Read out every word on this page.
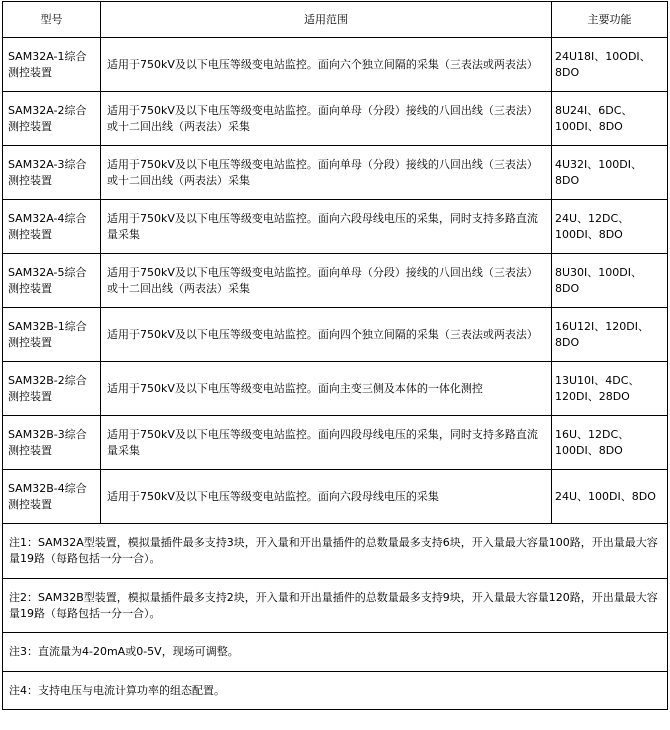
型号	适用范围	主要功能
SAM32A-1综合测控装置	适用于750kV及以下电压等级变电站监控。面向六个独立间隔的采集（三表法或两表法）	24U18I、10ODI、8DO
SAM32A-2综合测控装置	适用于750kV及以下电压等级变电站监控。面向单母（分段）接线的八回出线（三表法）或十二回出线（两表法）采集	8U24I、6DC、100DI、8DO
SAM32A-3综合测控装置	适用于750kV及以下电压等级变电站监控。面向单母（分段）接线的八回出线（三表法）或十二回出线（两表法）采集	4U32I、100DI、8DO
SAM32A-4综合测控装置	适用于750kV及以下电压等级变电站监控。面向六段母线电压的采集，同时支持多路直流量采集	24U、12DC、100DI、8DO
SAM32A-5综合测控装置	适用于750kV及以下电压等级变电站监控。面向单母（分段）接线的八回出线（三表法）或十二回出线（两表法）采集	8U30I、100DI、8DO
SAM32B-1综合测控装置	适用于750kV及以下电压等级变电站监控。面向四个独立间隔的采集（三表法或两表法）	16U12I、120DI、8DO
SAM32B-2综合测控装置	适用于750kV及以下电压等级变电站监控。面向主变三侧及本体的一体化测控	13U10I、4DC、120DI、28DO
SAM32B-3综合测控装置	适用于750kV及以下电压等级变电站监控。面向四段母线电压的采集，同时支持多路直流量采集	16U、12DC、100DI、8DO
SAM32B-4综合测控装置	适用于750kV及以下电压等级变电站监控。面向六段母线电压的采集	24U、100DI、8DO
注1：SAM32A型装置，模拟量插件最多支持3块，开入量和开出量插件的总数量最多支持6块，开入量最大容量100路，开出量最大容量19路（每路包括一分一合）。		
注2：SAM32B型装置，模拟量插件最多支持2块，开入量和开出量插件的总数量最多支持9块，开入量最大容量120路，开出量最大容量19路（每路包括一分一合）。		
注3：直流量为4-20mA或0-5V，现场可调整。		
注4：支持电压与电流计算功率的组态配置。		
